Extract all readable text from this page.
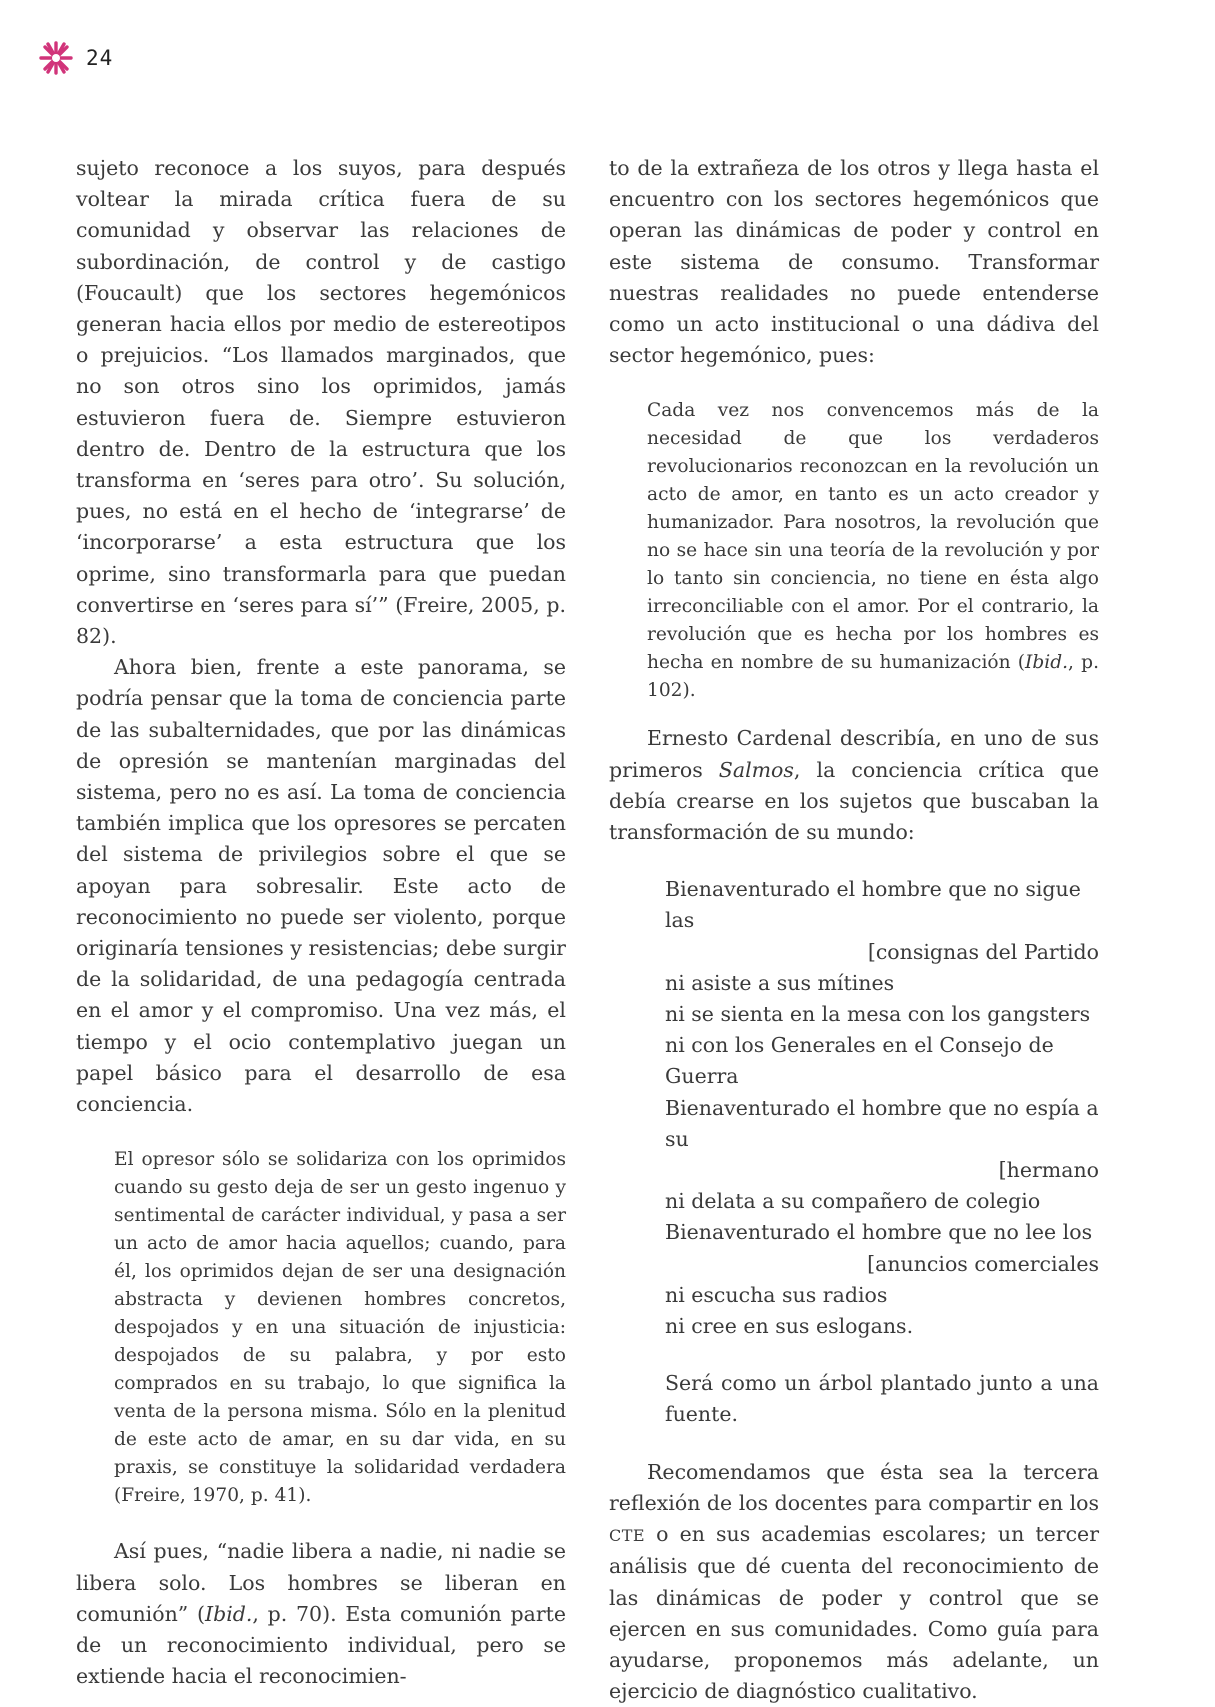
24

sujeto reconoce a los suyos, para después voltear la mirada crítica fuera de su comunidad y observar las relaciones de subordinación, de control y de castigo (Foucault) que los sectores hegemónicos generan hacia ellos por medio de estereotipos o prejuicios. “Los llamados marginados, que no son otros sino los oprimidos, jamás estuvieron fuera de. Siempre estuvieron dentro de. Dentro de la estructura que los transforma en ‘seres para otro’. Su solución, pues, no está en el hecho de ‘integrarse’ de ‘incorporarse’ a esta estructura que los oprime, sino transformarla para que puedan convertirse en ‘seres para sí’” (Freire, 2005, p. 82).

Ahora bien, frente a este panorama, se podría pensar que la toma de conciencia parte de las subalternidades, que por las dinámicas de opresión se mantenían marginadas del sistema, pero no es así. La toma de conciencia también implica que los opresores se percaten del sistema de privilegios sobre el que se apoyan para sobresalir. Este acto de reconocimiento no puede ser violento, porque originaría tensiones y resistencias; debe surgir de la solidaridad, de una pedagogía centrada en el amor y el compromiso. Una vez más, el tiempo y el ocio contemplativo juegan un papel básico para el desarrollo de esa conciencia.

El opresor sólo se solidariza con los oprimidos cuando su gesto deja de ser un gesto ingenuo y sentimental de carácter individual, y pasa a ser un acto de amor hacia aquellos; cuando, para él, los oprimidos dejan de ser una designación abstracta y devienen hombres concretos, despojados y en una situación de injusticia: despojados de su palabra, y por esto comprados en su trabajo, lo que significa la venta de la persona misma. Sólo en la plenitud de este acto de amar, en su dar vida, en su praxis, se constituye la solidaridad verdadera (Freire, 1970, p. 41).

Así pues, “nadie libera a nadie, ni nadie se libera solo. Los hombres se liberan en comunión” (Ibid., p. 70). Esta comunión parte de un reconocimiento individual, pero se extiende hacia el reconocimien-

to de la extrañeza de los otros y llega hasta el encuentro con los sectores hegemónicos que operan las dinámicas de poder y control en este sistema de consumo. Transformar nuestras realidades no puede entenderse como un acto institucional o una dádiva del sector hegemónico, pues:

Cada vez nos convencemos más de la necesidad de que los verdaderos revolucionarios reconozcan en la revolución un acto de amor, en tanto es un acto creador y humanizador. Para nosotros, la revolución que no se hace sin una teoría de la revolución y por lo tanto sin conciencia, no tiene en ésta algo irreconciliable con el amor. Por el contrario, la revolución que es hecha por los hombres es hecha en nombre de su humanización (Ibid., p. 102).

Ernesto Cardenal describía, en uno de sus primeros Salmos, la conciencia crítica que debía crearse en los sujetos que buscaban la transformación de su mundo:

Bienaventurado el hombre que no sigue las
[consignas del Partido
ni asiste a sus mítines
ni se sienta en la mesa con los gangsters
ni con los Generales en el Consejo de Guerra
Bienaventurado el hombre que no espía a su
[hermano
ni delata a su compañero de colegio
Bienaventurado el hombre que no lee los
[anuncios comerciales
ni escucha sus radios
ni cree en sus eslogans.

Será como un árbol plantado junto a una fuente.

Recomendamos que ésta sea la tercera reflexión de los docentes para compartir en los CTE o en sus academias escolares; un tercer análisis que dé cuenta del reconocimiento de las dinámicas de poder y control que se ejercen en sus comunidades. Como guía para ayudarse, proponemos más adelante, un ejercicio de diagnóstico cualitativo.
